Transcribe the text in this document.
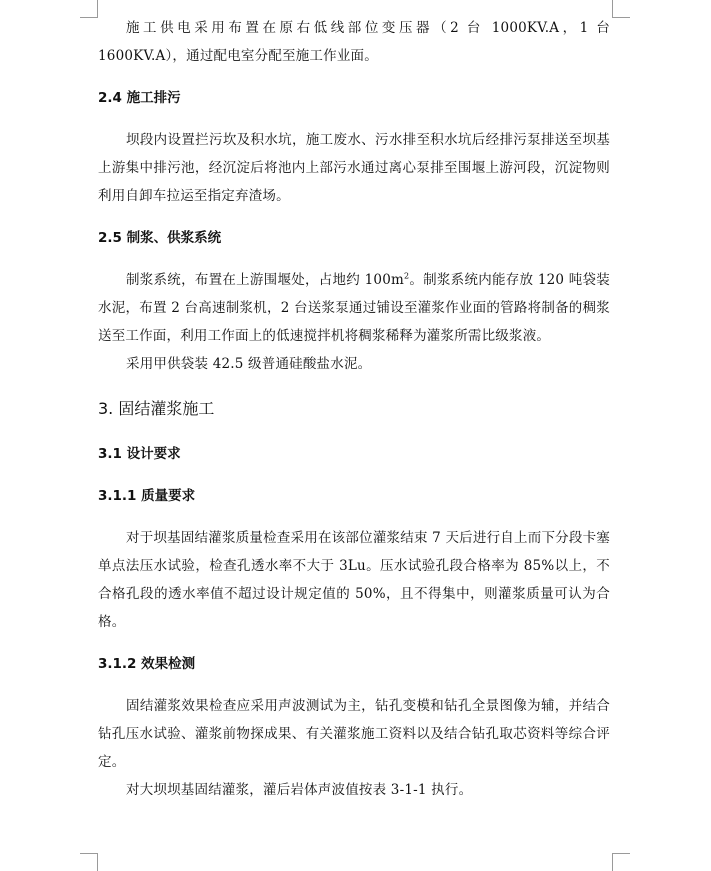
施工供电采用布置在原右低线部位变压器（2 台 1000KV.A，1 台 1600KV.A），通过配电室分配至施工作业面。

2.4 施工排污

坝段内设置拦污坎及积水坑，施工废水、污水排至积水坑后经排污泵排送至坝基上游集中排污池，经沉淀后将池内上部污水通过离心泵排至围堰上游河段，沉淀物则利用自卸车拉运至指定弃渣场。

2.5 制浆、供浆系统

制浆系统，布置在上游围堰处，占地约 $100m^2$。制浆系统内能存放 120 吨袋装水泥，布置 2 台高速制浆机，2 台送浆泵通过铺设至灌浆作业面的管路将制备的稠浆送至工作面，利用工作面上的低速搅拌机将稠浆稀释为灌浆所需比级浆液。

采用甲供袋装 42.5 级普通硅酸盐水泥。

3. 固结灌浆施工
3.1 设计要求
3.1.1 质量要求

对于坝基固结灌浆质量检查采用在该部位灌浆结束 7 天后进行自上而下分段卡塞单点法压水试验，检查孔透水率不大于 3Lu。压水试验孔段合格率为 85%以上，不合格孔段的透水率值不超过设计规定值的 50%，且不得集中，则灌浆质量可认为合格。

3.1.2 效果检测

固结灌浆效果检查应采用声波测试为主，钻孔变模和钻孔全景图像为辅，并结合钻孔压水试验、灌浆前物探成果、有关灌浆施工资料以及结合钻孔取芯资料等综合评定。

对大坝坝基固结灌浆，灌后岩体声波值按表 3-1-1 执行。
